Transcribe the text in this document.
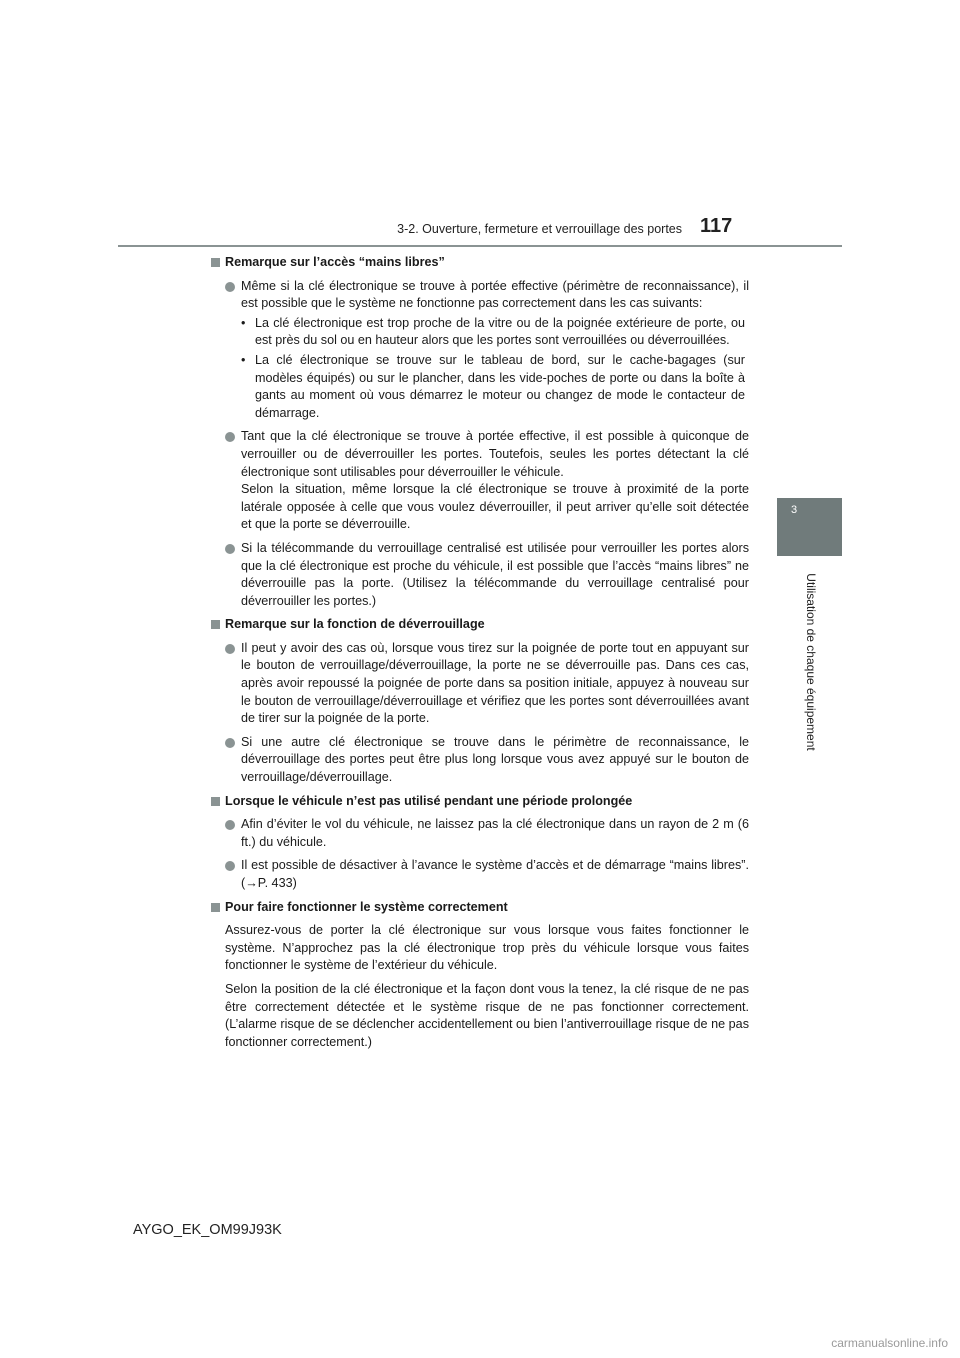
3-2. Ouverture, fermeture et verrouillage des portes 117
3
Utilisation de chaque équipement
Remarque sur l’accès “mains libres”

Même si la clé électronique se trouve à portée effective (périmètre de reconnaissance), il est possible que le système ne fonctionne pas correctement dans les cas suivants:

• La clé électronique est trop proche de la vitre ou de la poignée extérieure de porte, ou est près du sol ou en hauteur alors que les portes sont verrouillées ou déverrouillées.
• La clé électronique se trouve sur le tableau de bord, sur le cache-bagages (sur modèles équipés) ou sur le plancher, dans les vide-poches de porte ou dans la boîte à gants au moment où vous démarrez le moteur ou changez de mode le contacteur de démarrage.

Tant que la clé électronique se trouve à portée effective, il est possible à quiconque de verrouiller ou de déverrouiller les portes. Toutefois, seules les portes détectant la clé électronique sont utilisables pour déverrouiller le véhicule.

Selon la situation, même lorsque la clé électronique se trouve à proximité de la porte latérale opposée à celle que vous voulez déverrouiller, il peut arriver qu’elle soit détectée et que la porte se déverrouille.

Si la télécommande du verrouillage centralisé est utilisée pour verrouiller les portes alors que la clé électronique est proche du véhicule, il est possible que l’accès “mains libres” ne déverrouille pas la porte. (Utilisez la télécommande du verrouillage centralisé pour déverrouiller les portes.)

Remarque sur la fonction de déverrouillage

Il peut y avoir des cas où, lorsque vous tirez sur la poignée de porte tout en appuyant sur le bouton de verrouillage/déverrouillage, la porte ne se déverrouille pas. Dans ces cas, après avoir repoussé la poignée de porte dans sa position initiale, appuyez à nouveau sur le bouton de verrouillage/déverrouillage et vérifiez que les portes sont déverrouillées avant de tirer sur la poignée de la porte.

Si une autre clé électronique se trouve dans le périmètre de reconnaissance, le déverrouillage des portes peut être plus long lorsque vous avez appuyé sur le bouton de verrouillage/déverrouillage.

Lorsque le véhicule n’est pas utilisé pendant une période prolongée

Afin d’éviter le vol du véhicule, ne laissez pas la clé électronique dans un rayon de 2 m (6 ft.) du véhicule.

Il est possible de désactiver à l’avance le système d’accès et de démarrage “mains libres”. (→P. 433)

Pour faire fonctionner le système correctement

Assurez-vous de porter la clé électronique sur vous lorsque vous faites fonctionner le système. N’approchez pas la clé électronique trop près du véhicule lorsque vous faites fonctionner le système de l’extérieur du véhicule.

Selon la position de la clé électronique et la façon dont vous la tenez, la clé risque de ne pas être correctement détectée et le système risque de ne pas fonctionner correctement. (L’alarme risque de se déclencher accidentellement ou bien l’antiverrouillage risque de ne pas fonctionner correctement.)

AYGO_EK_OM99J93K
carmanualsonline.info
